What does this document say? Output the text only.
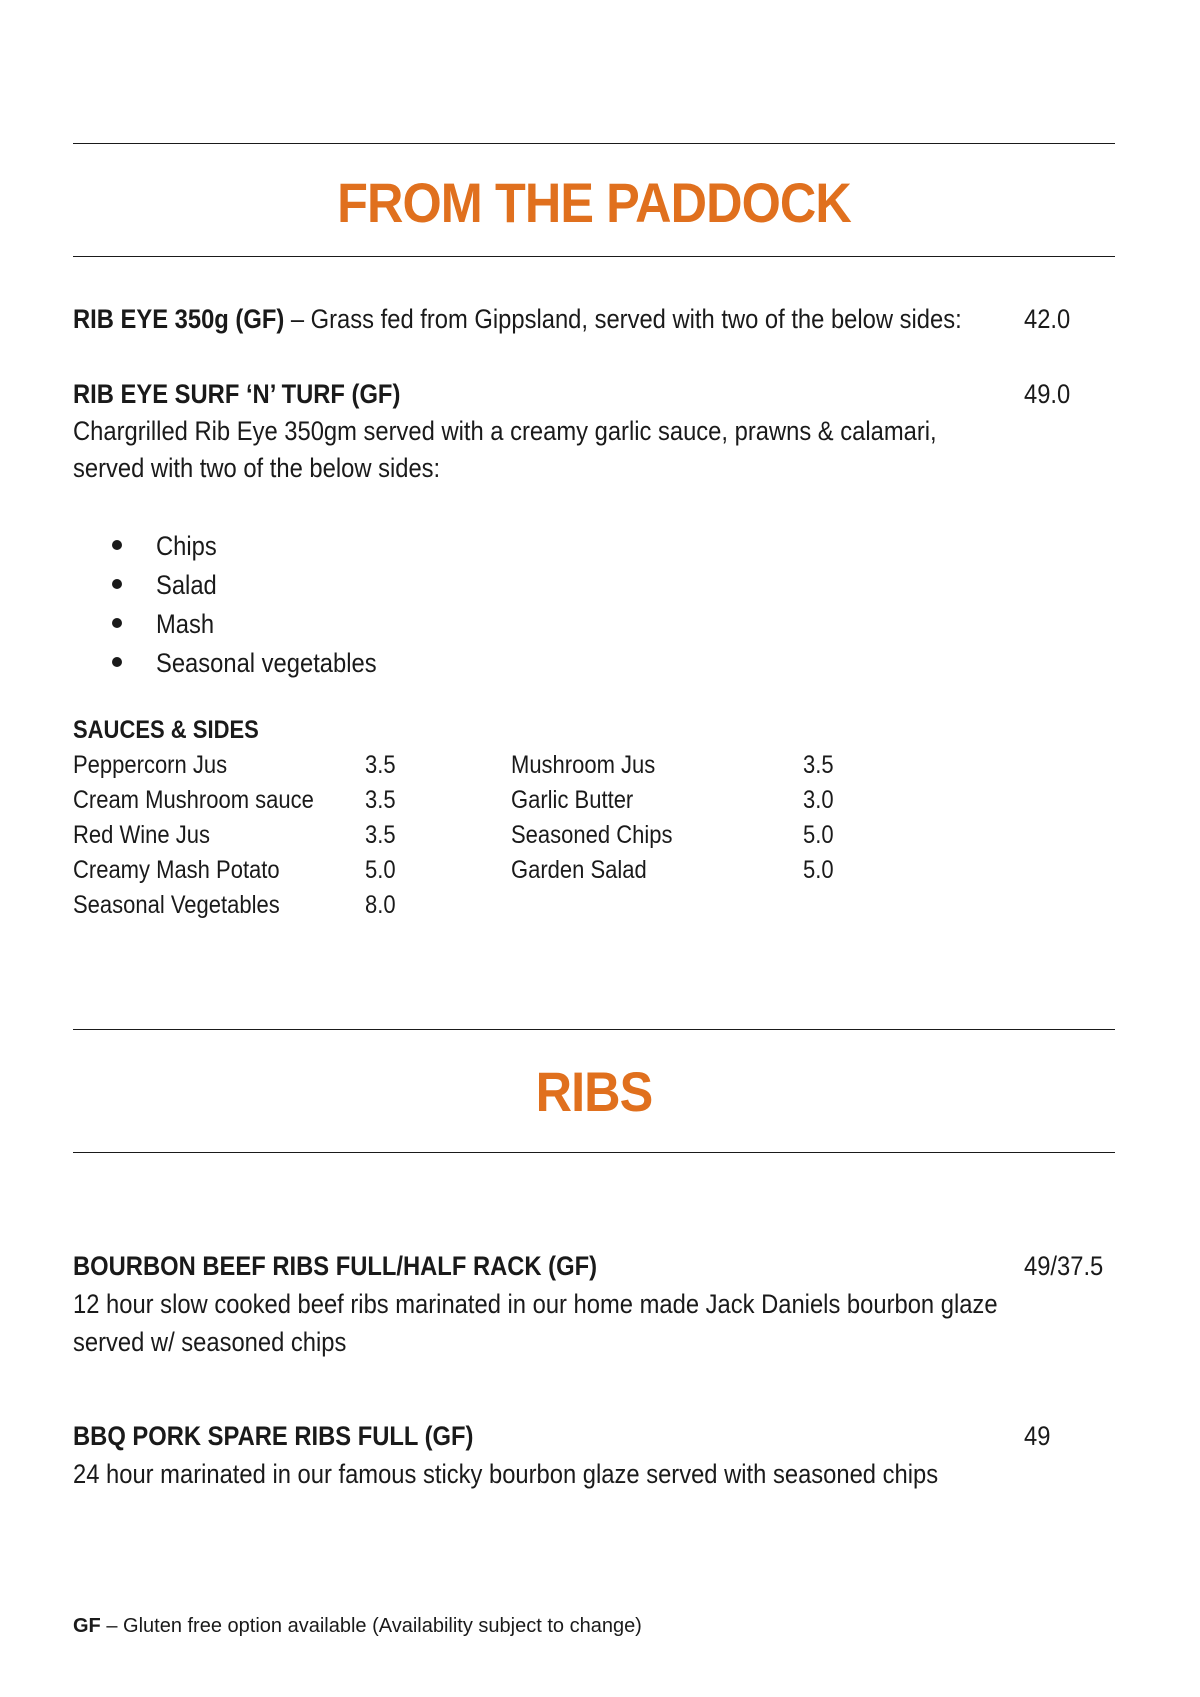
FROM THE PADDOCK
RIB EYE 350g (GF) – Grass fed from Gippsland, served with two of the below sides: 42.0
RIB EYE SURF ‘N’ TURF (GF)	49.0
Chargrilled Rib Eye 350gm served with a creamy garlic sauce, prawns & calamari,
served with two of the below sides:
Chips
Salad
Mash
Seasonal vegetables
SAUCES & SIDES
Peppercorn Jus	3.5
Cream Mushroom sauce 3.5
Red Wine Jus	3.5
Creamy Mash Potato	5.0
Seasonal Vegetables	8.0
Mushroom Jus	3.5
Garlic Butter	3.0
Seasoned Chips	5.0
Garden Salad	5.0
RIBS
BOURBON BEEF RIBS FULL/HALF RACK (GF)	49/37.5
12 hour slow cooked beef ribs marinated in our home made Jack Daniels bourbon glaze
served w/ seasoned chips
BBQ PORK SPARE RIBS FULL (GF)	49
24 hour marinated in our famous sticky bourbon glaze served with seasoned chips
GF – Gluten free option available (Availability subject to change)
